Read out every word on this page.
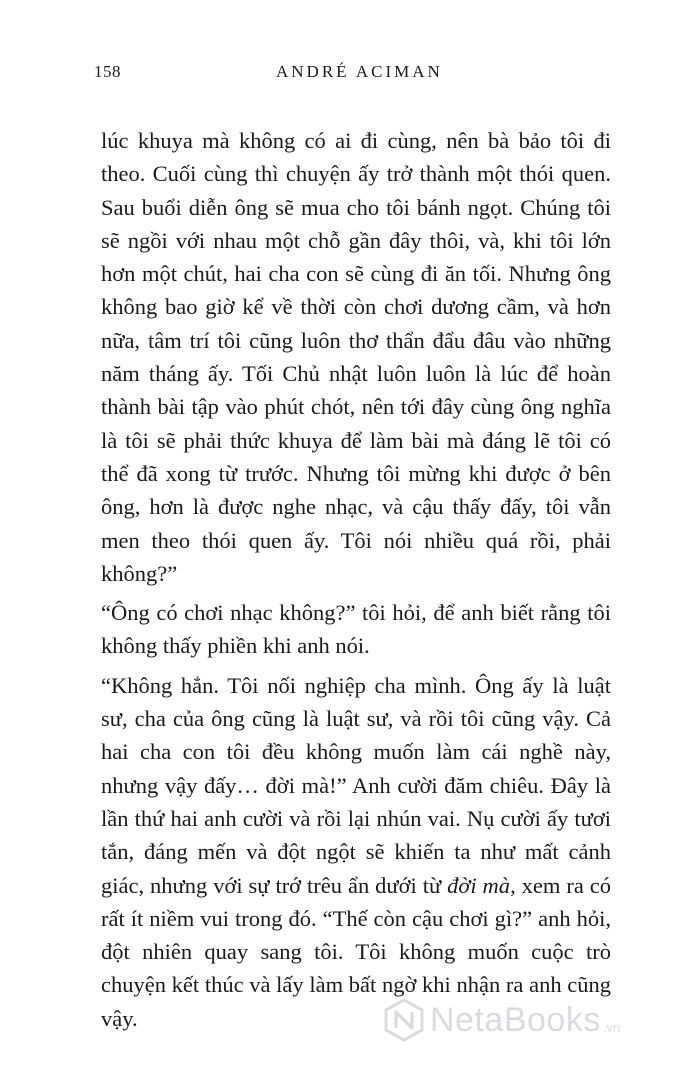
158	ANDRÉ ACIMAN

lúc khuya mà không có ai đi cùng, nên bà bảo tôi đi theo. Cuối cùng thì chuyện ấy trở thành một thói quen. Sau buổi diễn ông sẽ mua cho tôi bánh ngọt. Chúng tôi sẽ ngồi với nhau một chỗ gần đây thôi, và, khi tôi lớn hơn một chút, hai cha con sẽ cùng đi ăn tối. Nhưng ông không bao giờ kể về thời còn chơi dương cầm, và hơn nữa, tâm trí tôi cũng luôn thơ thẩn đẩu đâu vào những năm tháng ấy. Tối Chủ nhật luôn luôn là lúc để hoàn thành bài tập vào phút chót, nên tới đây cùng ông nghĩa là tôi sẽ phải thức khuya để làm bài mà đáng lẽ tôi có thể đã xong từ trước. Nhưng tôi mừng khi được ở bên ông, hơn là được nghe nhạc, và cậu thấy đấy, tôi vẫn men theo thói quen ấy. Tôi nói nhiều quá rồi, phải không?”

“Ông có chơi nhạc không?” tôi hỏi, để anh biết rằng tôi không thấy phiền khi anh nói.

“Không hẳn. Tôi nối nghiệp cha mình. Ông ấy là luật sư, cha của ông cũng là luật sư, và rồi tôi cũng vậy. Cả hai cha con tôi đều không muốn làm cái nghề này, nhưng vậy đấy… đời mà!” Anh cười đăm chiêu. Đây là lần thứ hai anh cười và rồi lại nhún vai. Nụ cười ấy tươi tắn, đáng mến và đột ngột sẽ khiến ta như mất cảnh giác, nhưng với sự trớ trêu ẩn dưới từ đời mà, xem ra có rất ít niềm vui trong đó. “Thế còn cậu chơi gì?” anh hỏi, đột nhiên quay sang tôi. Tôi không muốn cuộc trò chuyện kết thúc và lấy làm bất ngờ khi nhận ra anh cũng vậy.	NetaBooks .vn
